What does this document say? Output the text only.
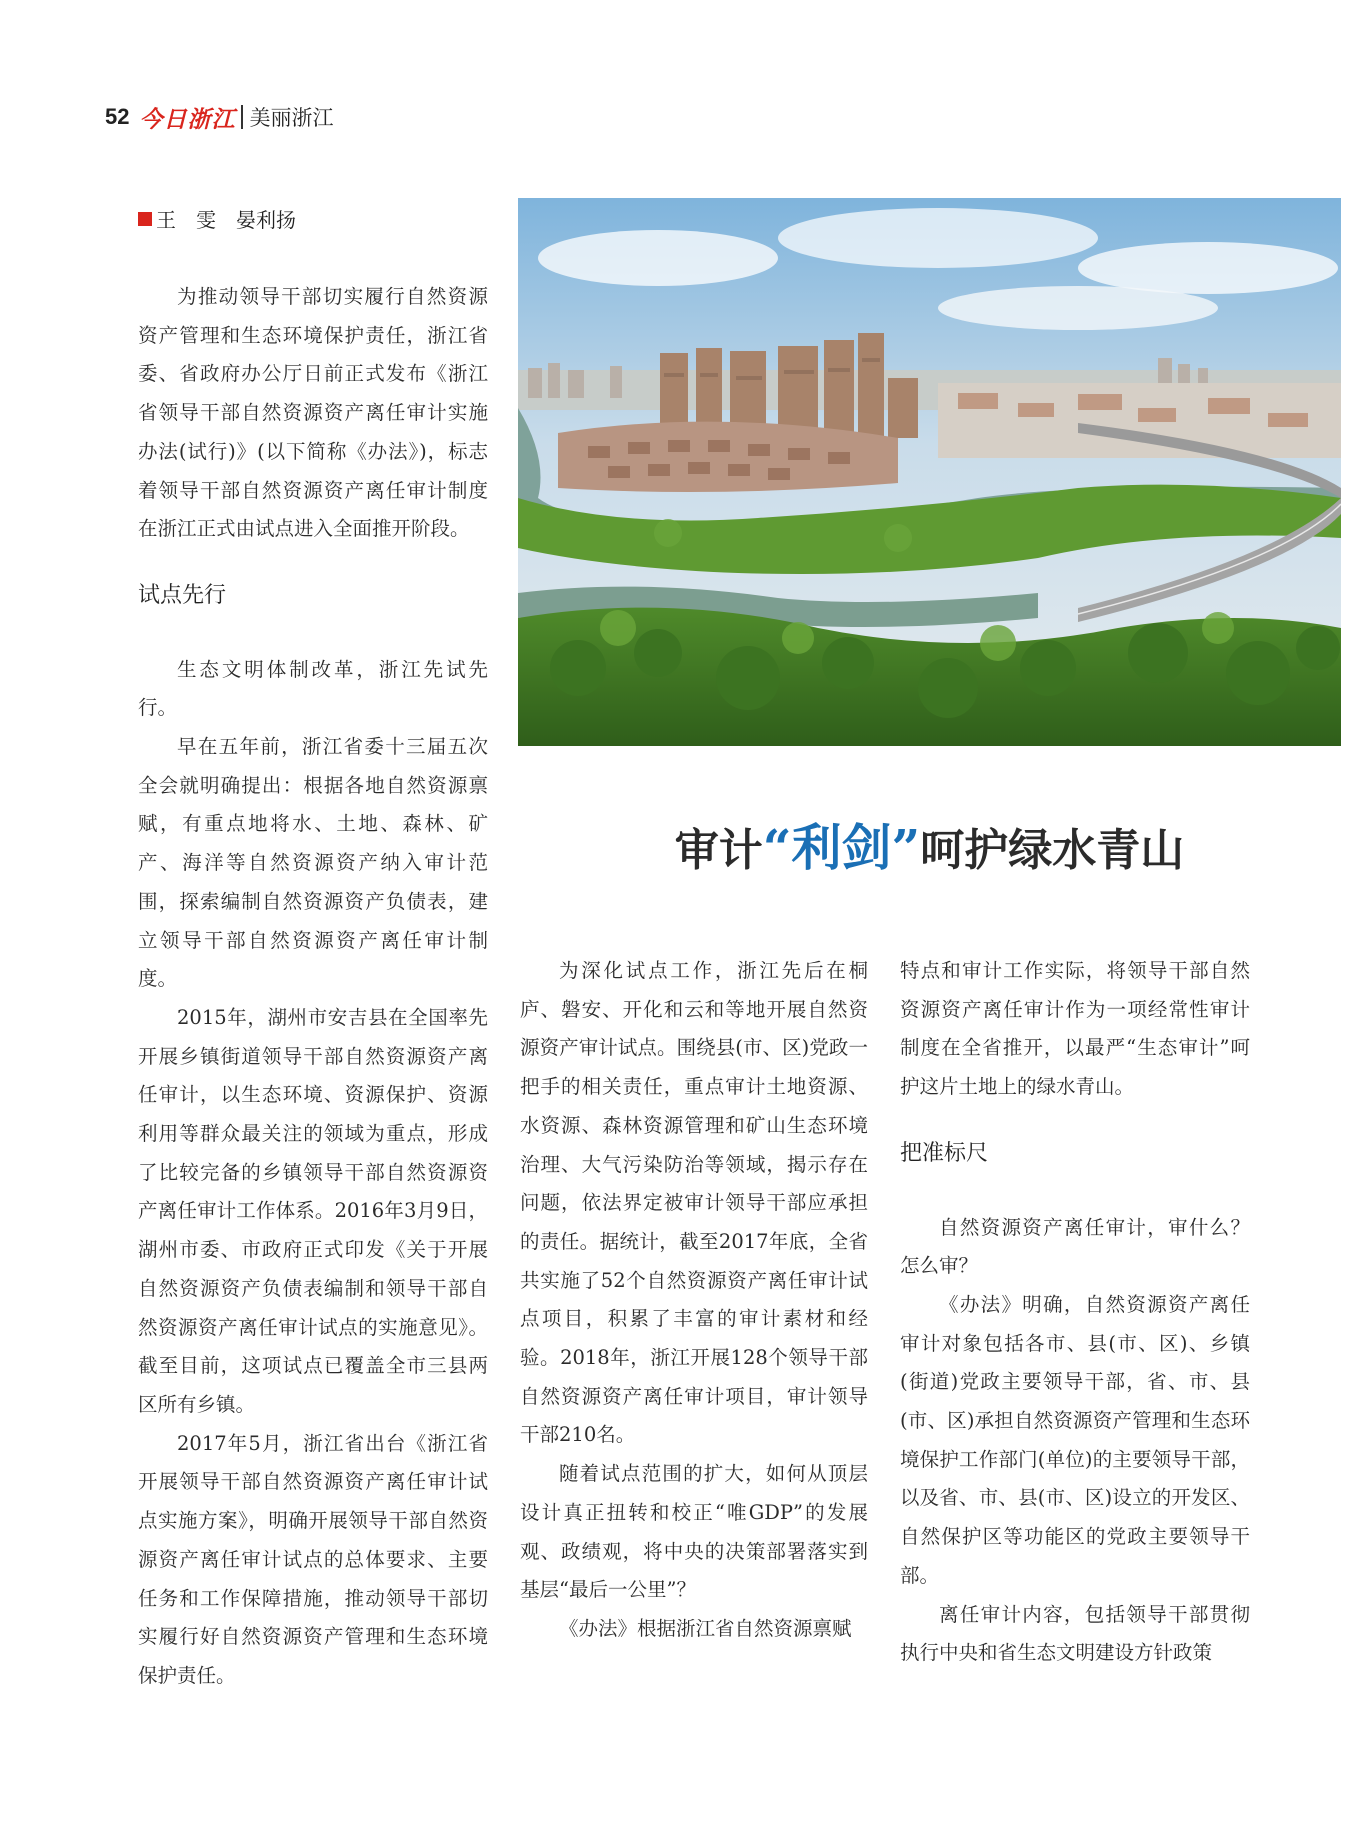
52 今日浙江 美丽浙江
王　雯　晏利扬
审计“利剑”呵护绿水青山

为推动领导干部切实履行自然资源资产管理和生态环境保护责任，浙江省委、省政府办公厅日前正式发布《浙江省领导干部自然资源资产离任审计实施办法(试行)》(以下简称《办法》)，标志着领导干部自然资源资产离任审计制度在浙江正式由试点进入全面推开阶段。

试点先行

生态文明体制改革，浙江先试先行。

早在五年前，浙江省委十三届五次全会就明确提出：根据各地自然资源禀赋，有重点地将水、土地、森林、矿产、海洋等自然资源资产纳入审计范围，探索编制自然资源资产负债表，建立领导干部自然资源资产离任审计制度。

2015年，湖州市安吉县在全国率先开展乡镇街道领导干部自然资源资产离任审计，以生态环境、资源保护、资源利用等群众最关注的领域为重点，形成了比较完备的乡镇领导干部自然资源资产离任审计工作体系。2016年3月9日，湖州市委、市政府正式印发《关于开展自然资源资产负债表编制和领导干部自然资源资产离任审计试点的实施意见》。截至目前，这项试点已覆盖全市三县两区所有乡镇。

2017年5月，浙江省出台《浙江省开展领导干部自然资源资产离任审计试点实施方案》，明确开展领导干部自然资源资产离任审计试点的总体要求、主要任务和工作保障措施，推动领导干部切实履行好自然资源资产管理和生态环境保护责任。

为深化试点工作，浙江先后在桐庐、磐安、开化和云和等地开展自然资源资产审计试点。围绕县(市、区)党政一把手的相关责任，重点审计土地资源、水资源、森林资源管理和矿山生态环境治理、大气污染防治等领域，揭示存在问题，依法界定被审计领导干部应承担的责任。据统计，截至2017年底，全省共实施了52个自然资源资产离任审计试点项目，积累了丰富的审计素材和经验。2018年，浙江开展128个领导干部自然资源资产离任审计项目，审计领导干部210名。

随着试点范围的扩大，如何从顶层设计真正扭转和校正“唯GDP”的发展观、政绩观，将中央的决策部署落实到基层“最后一公里”？

《办法》根据浙江省自然资源禀赋

特点和审计工作实际，将领导干部自然资源资产离任审计作为一项经常性审计制度在全省推开，以最严“生态审计”呵护这片土地上的绿水青山。

把准标尺

自然资源资产离任审计，审什么？怎么审？

《办法》明确，自然资源资产离任审计对象包括各市、县(市、区)、乡镇(街道)党政主要领导干部，省、市、县(市、区)承担自然资源资产管理和生态环境保护工作部门(单位)的主要领导干部，以及省、市、县(市、区)设立的开发区、自然保护区等功能区的党政主要领导干部。

离任审计内容，包括领导干部贯彻执行中央和省生态文明建设方针政策
